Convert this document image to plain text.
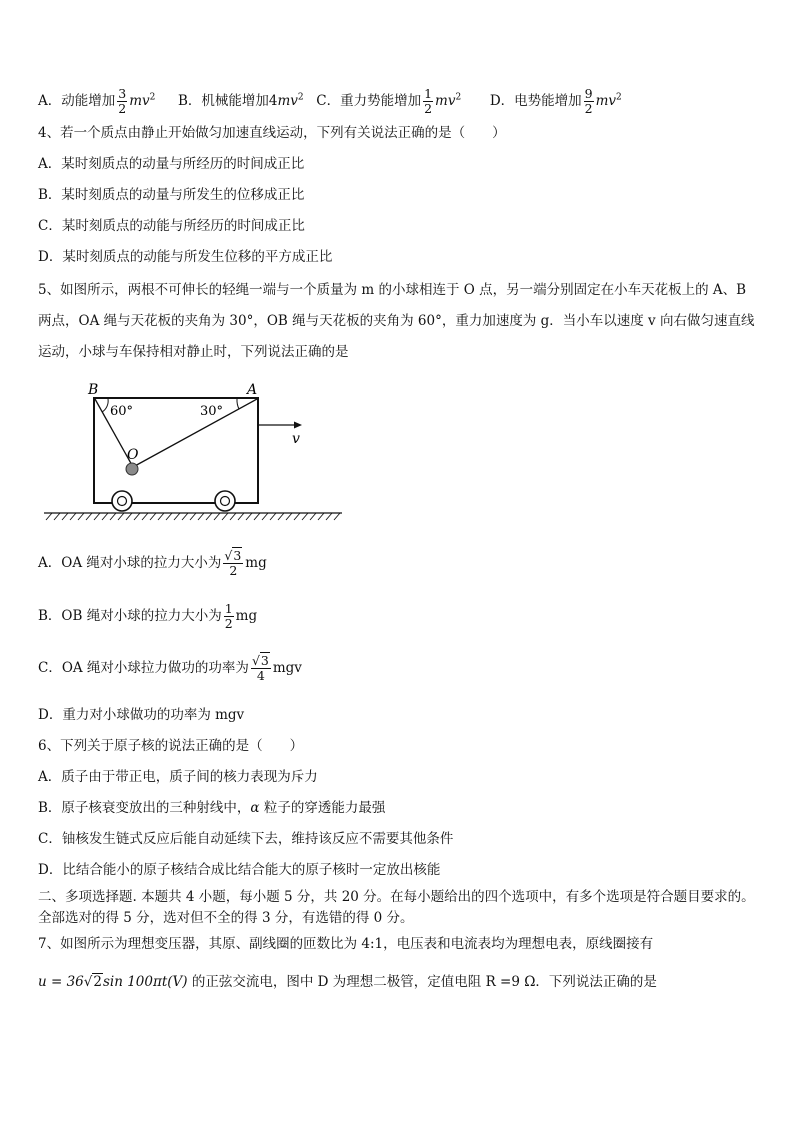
A．动能增加 $\frac{3}{2} mv^2$ B．机械能增加$4mv^2$ C．重力势能增加 $\frac{1}{2} mv^2$ D．电势能增加 $\frac{9}{2} mv^2$
4、若一个质点由静止开始做匀加速直线运动，下列有关说法正确的是（　　）
A．某时刻质点的动量与所经历的时间成正比
B．某时刻质点的动量与所发生的位移成正比
C．某时刻质点的动能与所经历的时间成正比
D．某时刻质点的动能与所发生位移的平方成正比
5、如图所示，两根不可伸长的轻绳一端与一个质量为 m 的小球相连于 O 点，另一端分别固定在小车天花板上的 A、B
两点，OA 绳与天花板的夹角为 30°，OB 绳与天花板的夹角为 60°，重力加速度为 g．当小车以速度 v 向右做匀速直线
运动，小球与车保持相对静止时，下列说法正确的是
B	A
O
60°	30°
v
A．OA 绳对小球的拉力大小为 $\frac{√3}{2}$ mg
B．OB 绳对小球的拉力大小为 $\frac{1}{2}$ mg
C．OA 绳对小球拉力做功的功率为 $\frac{√3}{4}$ mgv
D．重力对小球做功的功率为 mgv
6、下列关于原子核的说法正确的是（　　）
A．质子由于带正电，质子间的核力表现为斥力
B．原子核衰变放出的三种射线中，α 粒子的穿透能力最强
C．铀核发生链式反应后能自动延续下去，维持该反应不需要其他条件
D．比结合能小的原子核结合成比结合能大的原子核时一定放出核能
二、多项选择题. 本题共 4 小题，每小题 5 分，共 20 分。在每小题给出的四个选项中，有多个选项是符合题目要求的。
全部选对的得 5 分，选对但不全的得 3 分，有选错的得 0 分。
7、如图所示为理想变压器，其原、副线圈的匝数比为 4:1，电压表和电流表均为理想电表，原线圈接有
u = 36√2sin 100πt(V) 的正弦交流电，图中 D 为理想二极管，定值电阻 R =9 Ω．下列说法正确的是
